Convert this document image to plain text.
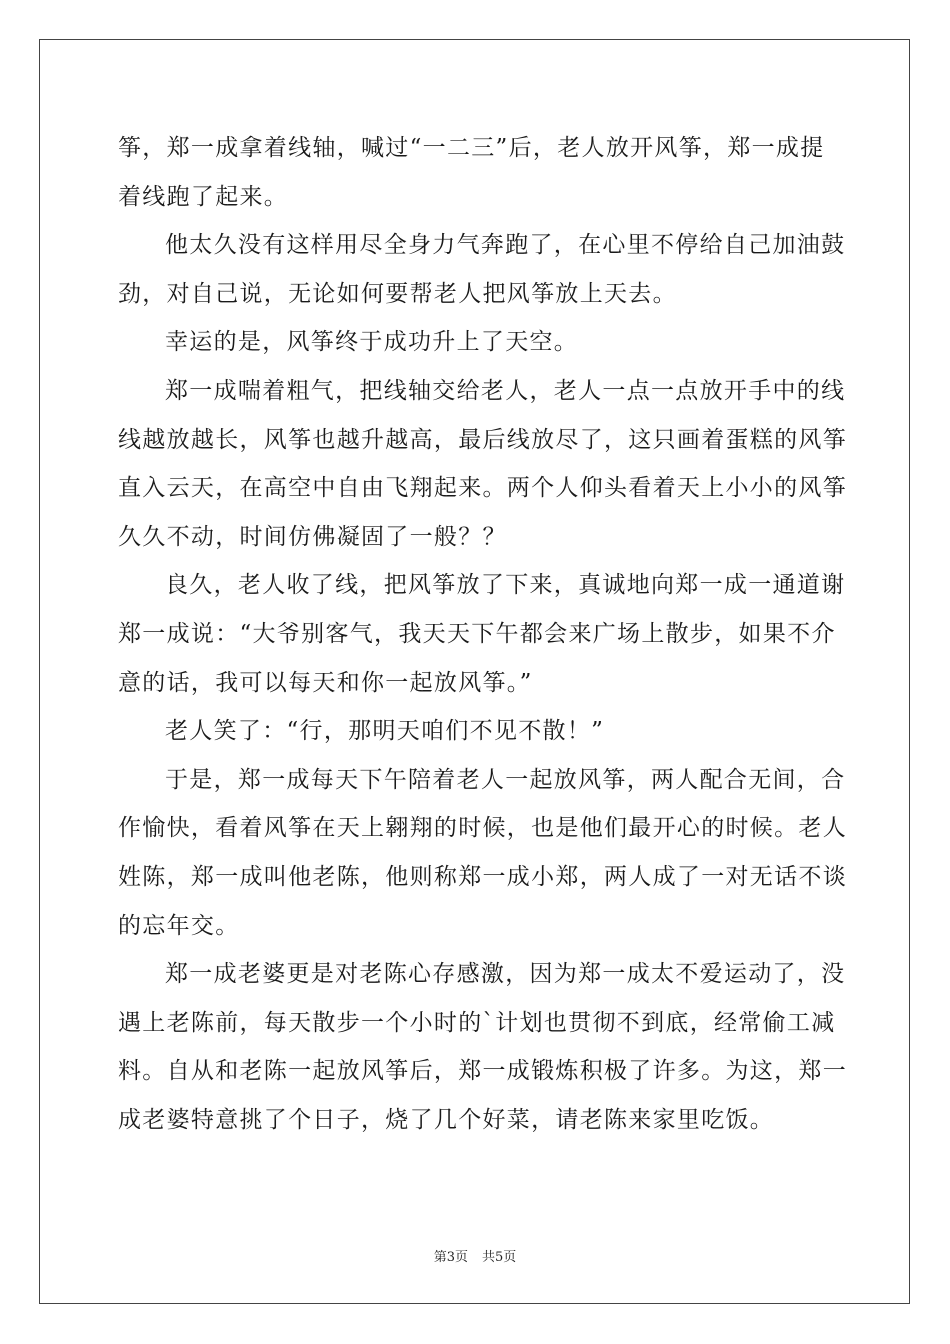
筝，郑一成拿着线轴，喊过“一二三”后，老人放开风筝，郑一成提
着线跑了起来。
他太久没有这样用尽全身力气奔跑了，在心里不停给自己加油鼓
劲，对自己说，无论如何要帮老人把风筝放上天去。
幸运的是，风筝终于成功升上了天空。
郑一成喘着粗气，把线轴交给老人，老人一点一点放开手中的线
线越放越长，风筝也越升越高，最后线放尽了，这只画着蛋糕的风筝
直入云天，在高空中自由飞翔起来。两个人仰头看着天上小小的风筝
久久不动，时间仿佛凝固了一般？？
良久，老人收了线，把风筝放了下来，真诚地向郑一成一通道谢
郑一成说：“大爷别客气，我天天下午都会来广场上散步，如果不介
意的话，我可以每天和你一起放风筝。”
老人笑了：“行，那明天咱们不见不散！”
于是，郑一成每天下午陪着老人一起放风筝，两人配合无间，合
作愉快，看着风筝在天上翱翔的时候，也是他们最开心的时候。老人
姓陈，郑一成叫他老陈，他则称郑一成小郑，两人成了一对无话不谈
的忘年交。
郑一成老婆更是对老陈心存感激，因为郑一成太不爱运动了，没
遇上老陈前，每天散步一个小时的`计划也贯彻不到底，经常偷工减
料。自从和老陈一起放风筝后，郑一成锻炼积极了许多。为这，郑一
成老婆特意挑了个日子，烧了几个好菜，请老陈来家里吃饭。
第3页 共5页
